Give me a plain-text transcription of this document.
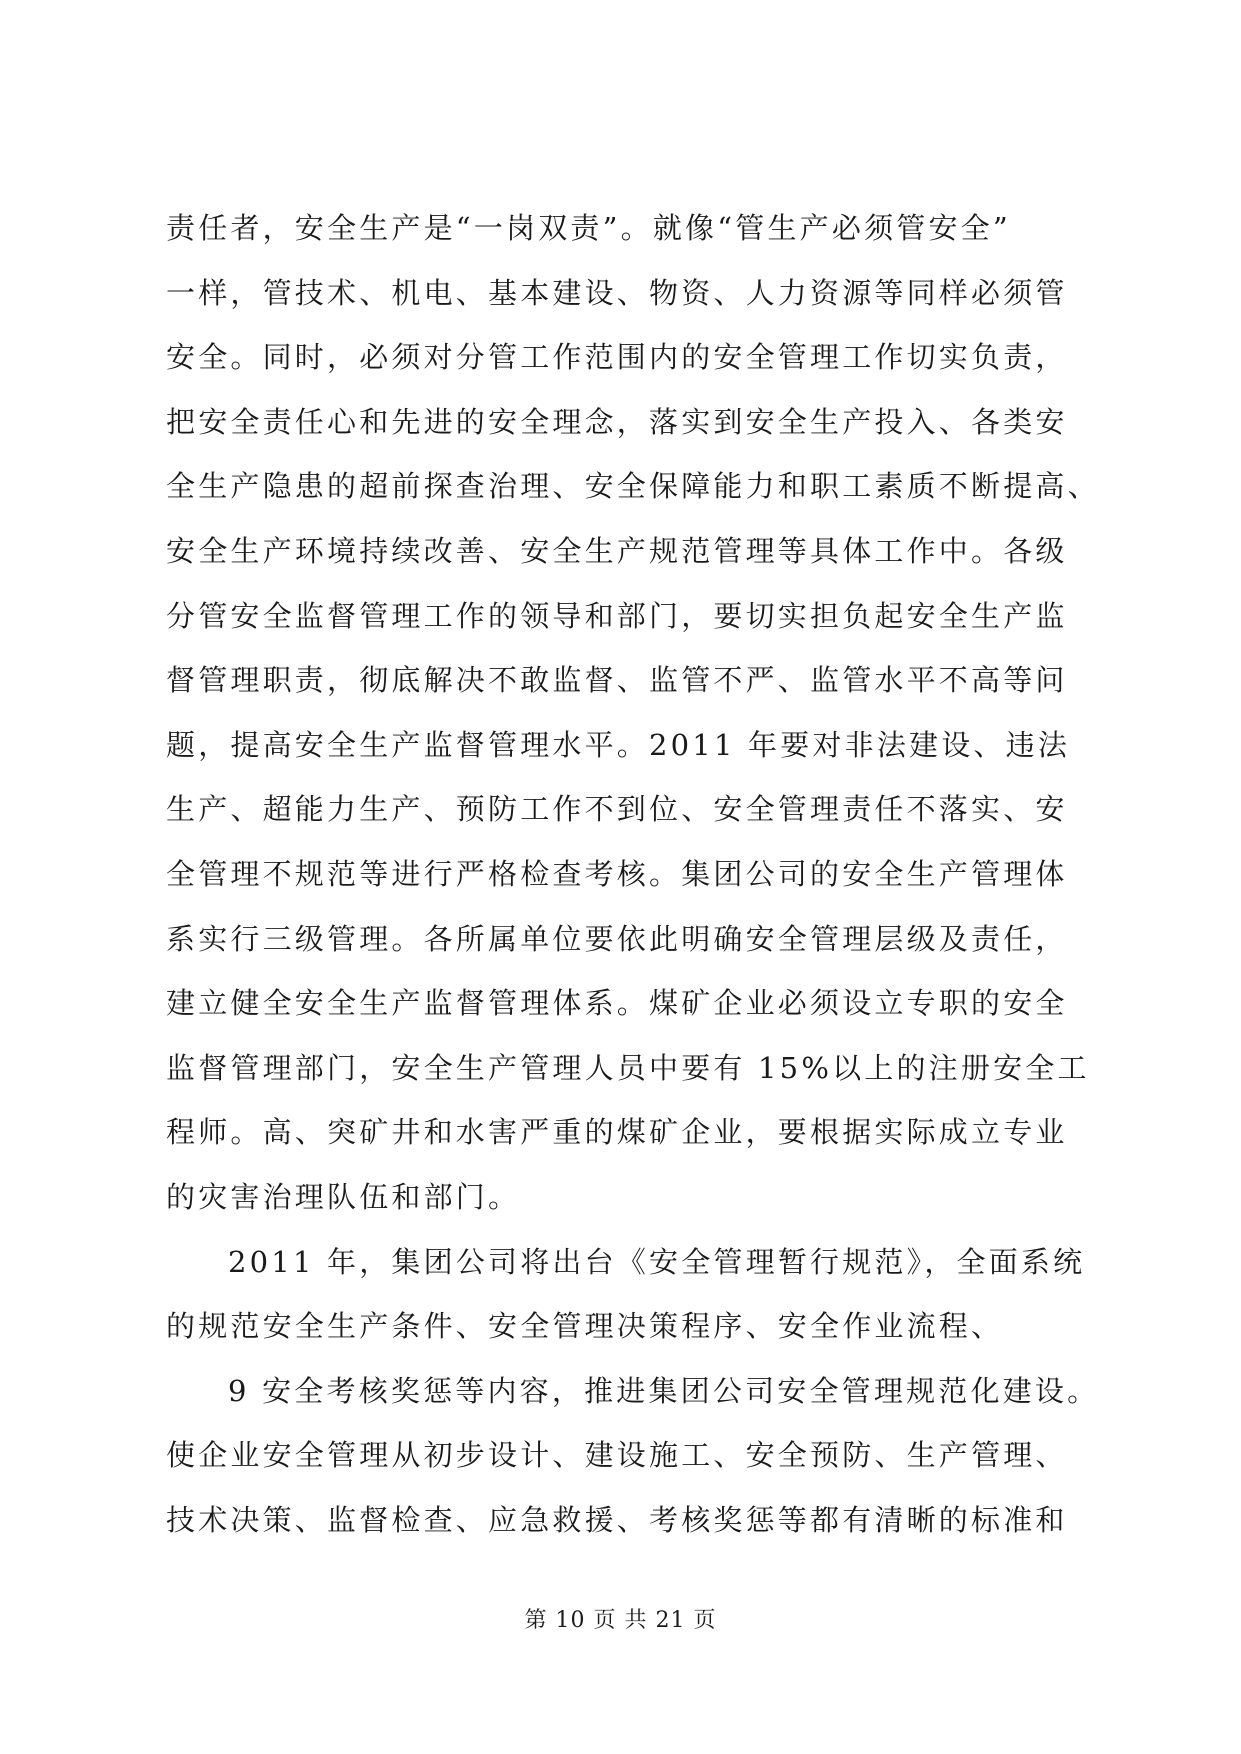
责任者，安全生产是“一岗双责”。就像“管生产必须管安全”
一样，管技术、机电、基本建设、物资、人力资源等同样必须管
安全。同时，必须对分管工作范围内的安全管理工作切实负责，
把安全责任心和先进的安全理念，落实到安全生产投入、各类安
全生产隐患的超前探查治理、安全保障能力和职工素质不断提高、
安全生产环境持续改善、安全生产规范管理等具体工作中。各级
分管安全监督管理工作的领导和部门，要切实担负起安全生产监
督管理职责，彻底解决不敢监督、监管不严、监管水平不高等问
题，提高安全生产监督管理水平。2011 年要对非法建设、违法
生产、超能力生产、预防工作不到位、安全管理责任不落实、安
全管理不规范等进行严格检查考核。集团公司的安全生产管理体
系实行三级管理。各所属单位要依此明确安全管理层级及责任，
建立健全安全生产监督管理体系。煤矿企业必须设立专职的安全
监督管理部门，安全生产管理人员中要有 15%以上的注册安全工
程师。高、突矿井和水害严重的煤矿企业，要根据实际成立专业
的灾害治理队伍和部门。
2011 年，集团公司将出台《安全管理暂行规范》，全面系统
的规范安全生产条件、安全管理决策程序、安全作业流程、
9 安全考核奖惩等内容，推进集团公司安全管理规范化建设。
使企业安全管理从初步设计、建设施工、安全预防、生产管理、
技术决策、监督检查、应急救援、考核奖惩等都有清晰的标准和
第 10 页 共 21 页
